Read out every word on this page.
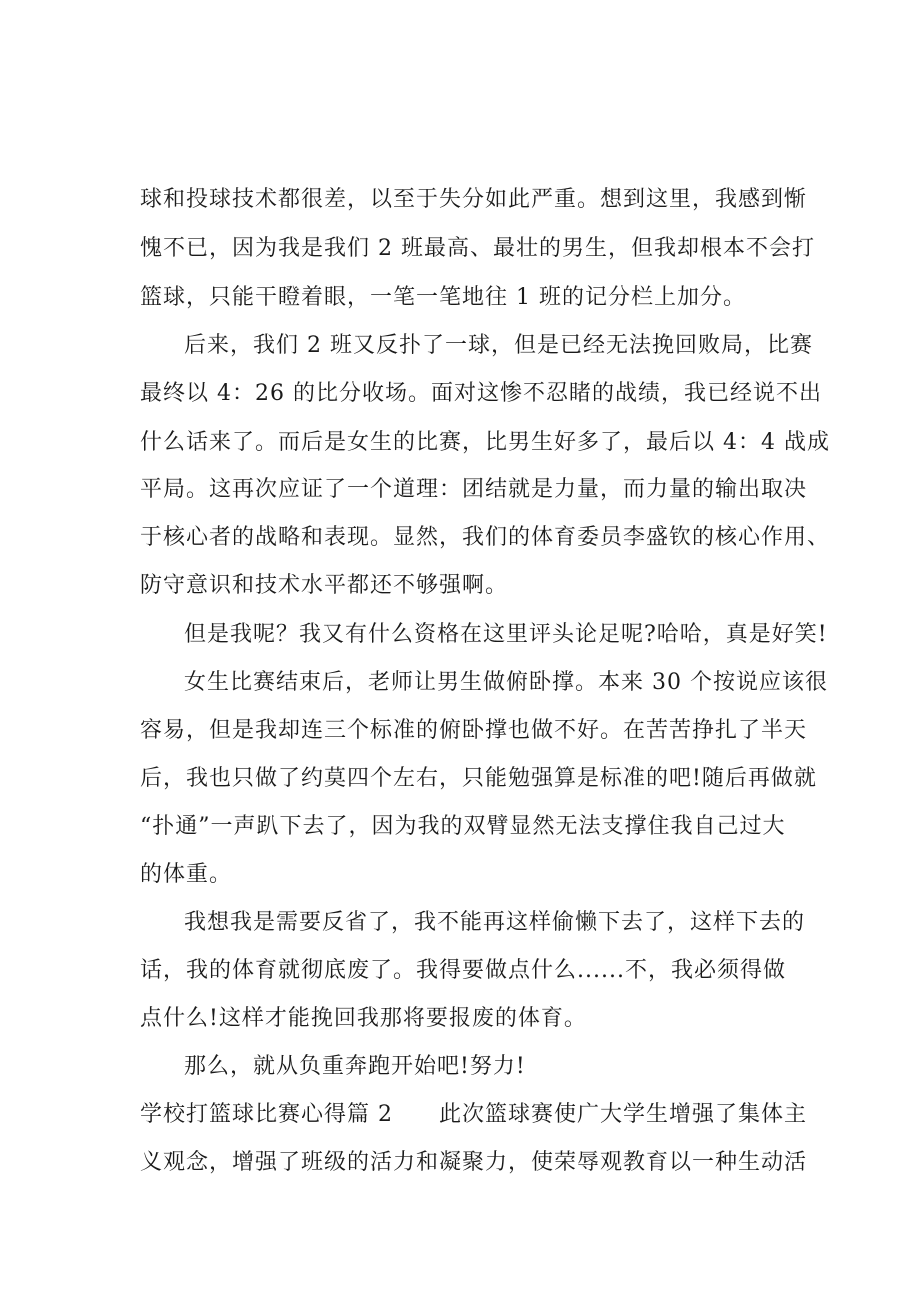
球和投球技术都很差，以至于失分如此严重。想到这里，我感到惭
愧不已，因为我是我们 2 班最高、最壮的男生，但我却根本不会打
篮球，只能干瞪着眼，一笔一笔地往 1 班的记分栏上加分。
后来，我们 2 班又反扑了一球，但是已经无法挽回败局，比赛
最终以 4：26 的比分收场。面对这惨不忍睹的战绩，我已经说不出
什么话来了。而后是女生的比赛，比男生好多了，最后以 4：4 战成
平局。这再次应证了一个道理：团结就是力量，而力量的输出取决
于核心者的战略和表现。显然，我们的体育委员李盛钦的核心作用、
防守意识和技术水平都还不够强啊。
但是我呢？我又有什么资格在这里评头论足呢?哈哈，真是好笑!
女生比赛结束后，老师让男生做俯卧撑。本来 30 个按说应该很
容易，但是我却连三个标准的俯卧撑也做不好。在苦苦挣扎了半天
后，我也只做了约莫四个左右，只能勉强算是标准的吧!随后再做就
“扑通”一声趴下去了，因为我的双臂显然无法支撑住我自己过大
的体重。
我想我是需要反省了，我不能再这样偷懒下去了，这样下去的
话，我的体育就彻底废了。我得要做点什么......不，我必须得做
点什么!这样才能挽回我那将要报废的体育。
那么，就从负重奔跑开始吧!努力!
学校打篮球比赛心得篇 2　　此次篮球赛使广大学生增强了集体主
义观念，增强了班级的活力和凝聚力，使荣辱观教育以一种生动活
